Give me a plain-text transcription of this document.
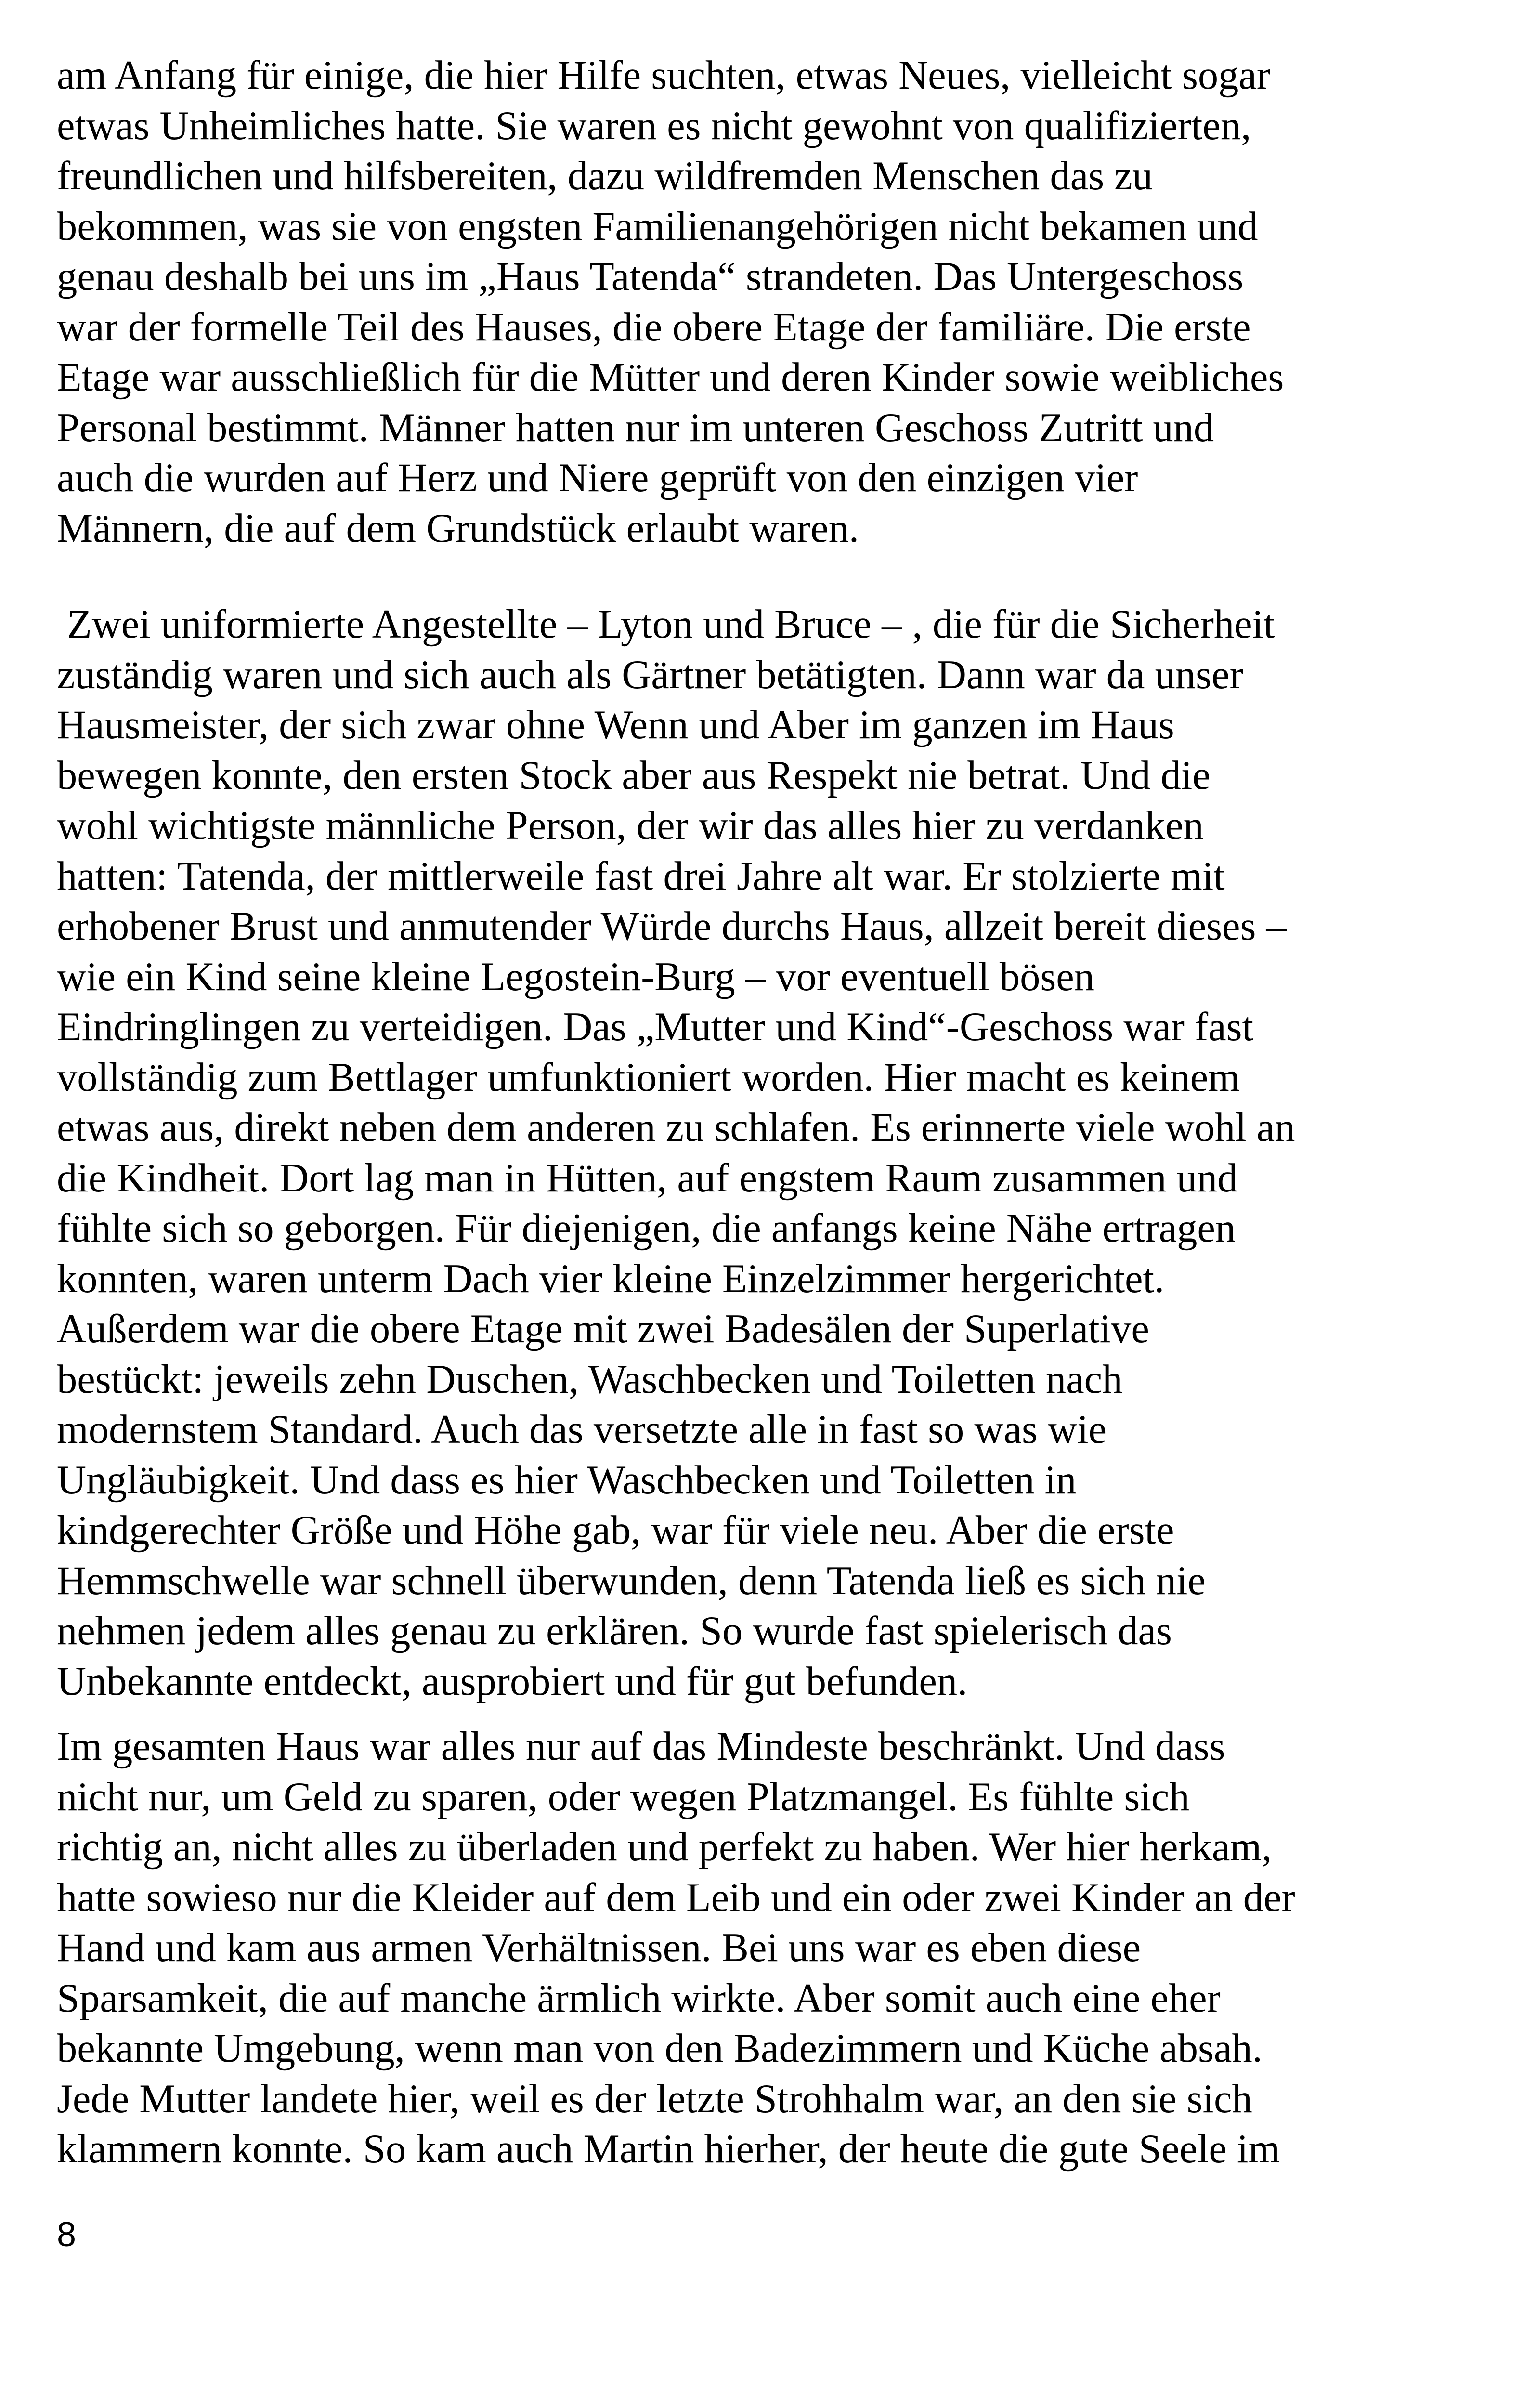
am Anfang für einige, die hier Hilfe suchten, etwas Neues, vielleicht sogar
etwas Unheimliches hatte. Sie waren es nicht gewohnt von qualifizierten,
freundlichen und hilfsbereiten, dazu wildfremden Menschen das zu
bekommen, was sie von engsten Familienangehörigen nicht bekamen und
genau deshalb bei uns im „Haus Tatenda“ strandeten. Das Untergeschoss
war der formelle Teil des Hauses, die obere Etage der familiäre. Die erste
Etage war ausschließlich für die Mütter und deren Kinder sowie weibliches
Personal bestimmt. Männer hatten nur im unteren Geschoss Zutritt und
auch die wurden auf Herz und Niere geprüft von den einzigen vier
Männern, die auf dem Grundstück erlaubt waren.
Zwei uniformierte Angestellte – Lyton und Bruce – , die für die Sicherheit
zuständig waren und sich auch als Gärtner betätigten. Dann war da unser
Hausmeister, der sich zwar ohne Wenn und Aber im ganzen im Haus
bewegen konnte, den ersten Stock aber aus Respekt nie betrat. Und die
wohl wichtigste männliche Person, der wir das alles hier zu verdanken
hatten: Tatenda, der mittlerweile fast drei Jahre alt war. Er stolzierte mit
erhobener Brust und anmutender Würde durchs Haus, allzeit bereit dieses –
wie ein Kind seine kleine Legostein-Burg – vor eventuell bösen
Eindringlingen zu verteidigen. Das „Mutter und Kind“-Geschoss war fast
vollständig zum Bettlager umfunktioniert worden. Hier macht es keinem
etwas aus, direkt neben dem anderen zu schlafen. Es erinnerte viele wohl an
die Kindheit. Dort lag man in Hütten, auf engstem Raum zusammen und
fühlte sich so geborgen. Für diejenigen, die anfangs keine Nähe ertragen
konnten, waren unterm Dach vier kleine Einzelzimmer hergerichtet.
Außerdem war die obere Etage mit zwei Badesälen der Superlative
bestückt: jeweils zehn Duschen, Waschbecken und Toiletten nach
modernstem Standard. Auch das versetzte alle in fast so was wie
Ungläubigkeit. Und dass es hier Waschbecken und Toiletten in
kindgerechter Größe und Höhe gab, war für viele neu. Aber die erste
Hemmschwelle war schnell überwunden, denn Tatenda ließ es sich nie
nehmen jedem alles genau zu erklären. So wurde fast spielerisch das
Unbekannte entdeckt, ausprobiert und für gut befunden.
Im gesamten Haus war alles nur auf das Mindeste beschränkt. Und dass
nicht nur, um Geld zu sparen, oder wegen Platzmangel. Es fühlte sich
richtig an, nicht alles zu überladen und perfekt zu haben. Wer hier herkam,
hatte sowieso nur die Kleider auf dem Leib und ein oder zwei Kinder an der
Hand und kam aus armen Verhältnissen. Bei uns war es eben diese
Sparsamkeit, die auf manche ärmlich wirkte. Aber somit auch eine eher
bekannte Umgebung, wenn man von den Badezimmern und Küche absah.
Jede Mutter landete hier, weil es der letzte Strohhalm war, an den sie sich
klammern konnte. So kam auch Martin hierher, der heute die gute Seele im
8
